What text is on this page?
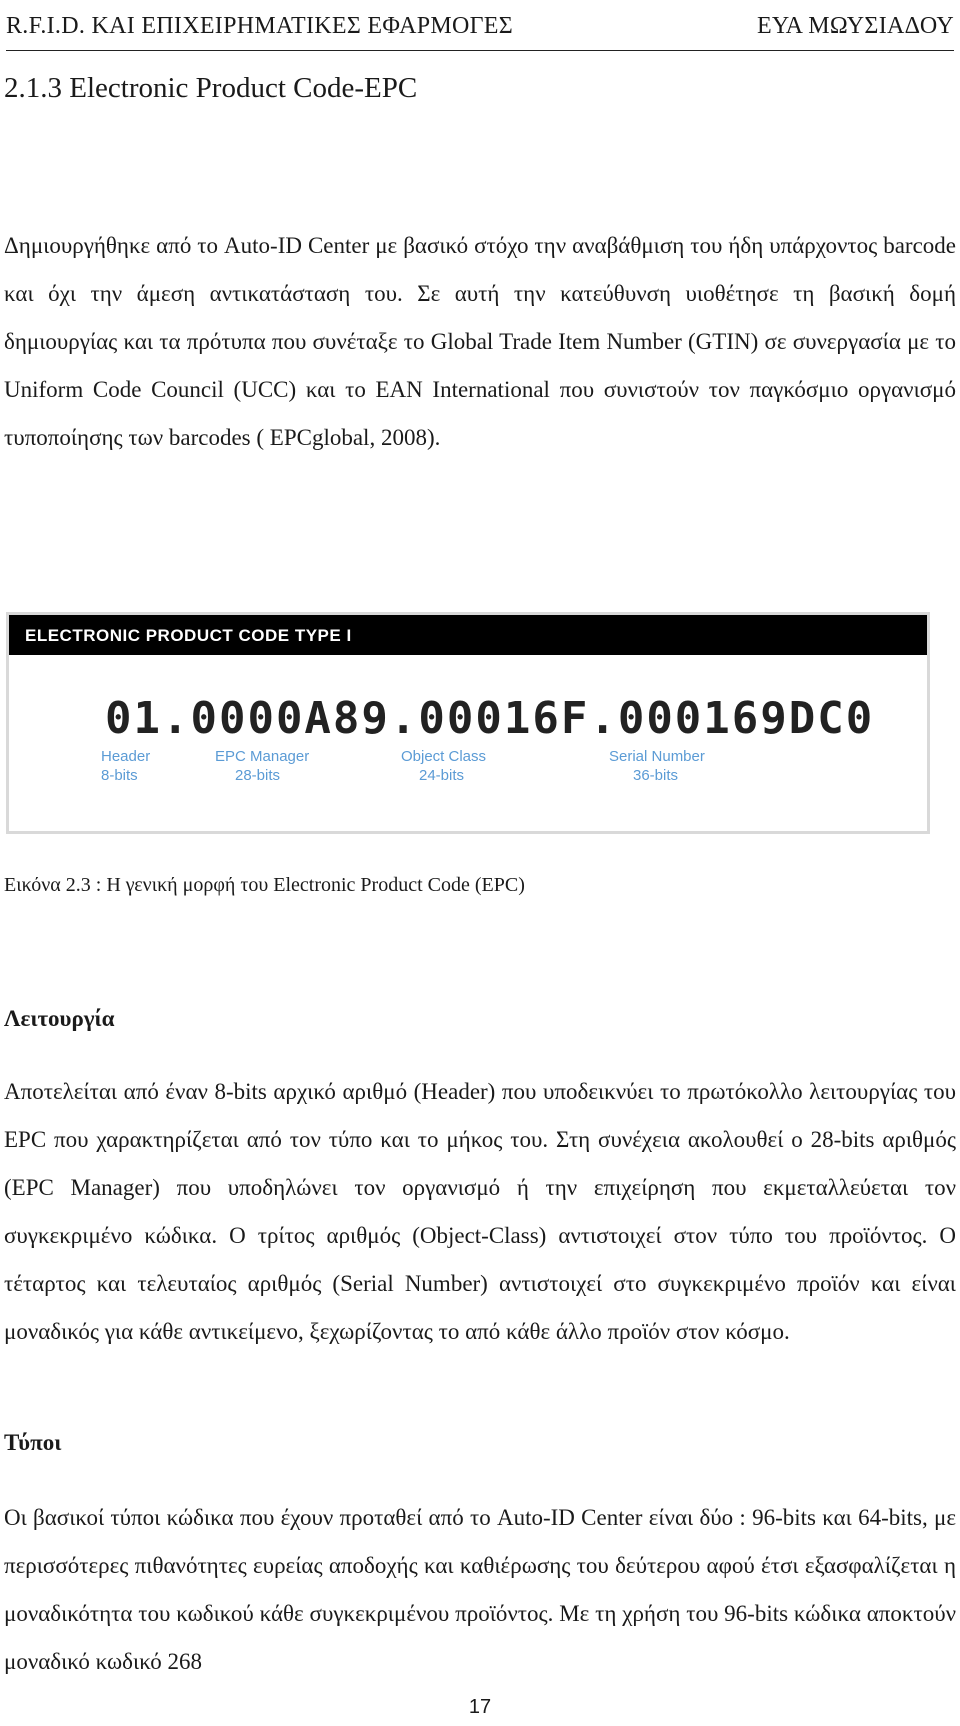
R.F.I.D. ΚΑΙ ΕΠΙΧΕΙΡΗΜΑΤΙΚΕΣ ΕΦΑΡΜΟΓΕΣ	ΕΥΑ ΜΩΥΣΙΑΔΟΥ
2.1.3 Electronic Product Code-EPC

Δημιουργήθηκε από το Auto-ID Center με βασικό στόχο την αναβάθμιση του ήδη υπάρχοντος barcode και όχι την άμεση αντικατάσταση του. Σε αυτή την κατεύθυνση υιοθέτησε τη βασική δομή δημιουργίας και τα πρότυπα που συνέταξε το Global Trade Item Number (GTIN) σε συνεργασία με το Uniform Code Council (UCC) και το EAN International που συνιστούν τον παγκόσμιο οργανισμό τυποποίησης των barcodes ( EPCglobal, 2008).

ELECTRONIC PRODUCT CODE TYPE I
01.0000A89.00016F.000169DC0
Header
8-bits
EPC Manager
28-bits
Object Class
24-bits
Serial Number
36-bits
Εικόνα 2.3 : Η γενική μορφή του Electronic Product Code (EPC)
Λειτουργία

Αποτελείται από έναν 8-bits αρχικό αριθμό (Header) που υποδεικνύει το πρωτόκολλο λειτουργίας του EPC που χαρακτηρίζεται από τον τύπο και το μήκος του. Στη συνέχεια ακολουθεί ο 28-bits αριθμός (EPC Manager) που υποδηλώνει τον οργανισμό ή την επιχείρηση που εκμεταλλεύεται τον συγκεκριμένο κώδικα. Ο τρίτος αριθμός (Object-Class) αντιστοιχεί στον τύπο του προϊόντος. Ο τέταρτος και τελευταίος αριθμός (Serial Number) αντιστοιχεί στο συγκεκριμένο προϊόν και είναι μοναδικός για κάθε αντικείμενο, ξεχωρίζοντας το από κάθε άλλο προϊόν στον κόσμο.

Τύποι

Οι βασικοί τύποι κώδικα που έχουν προταθεί από το Auto-ID Center είναι δύο : 96-bits και 64-bits, με περισσότερες πιθανότητες ευρείας αποδοχής και καθιέρωσης του δεύτερου αφού έτσι εξασφαλίζεται η μοναδικότητα του κωδικού κάθε συγκεκριμένου προϊόντος. Με τη χρήση του 96-bits κώδικα αποκτούν μοναδικό κωδικό 268

17
